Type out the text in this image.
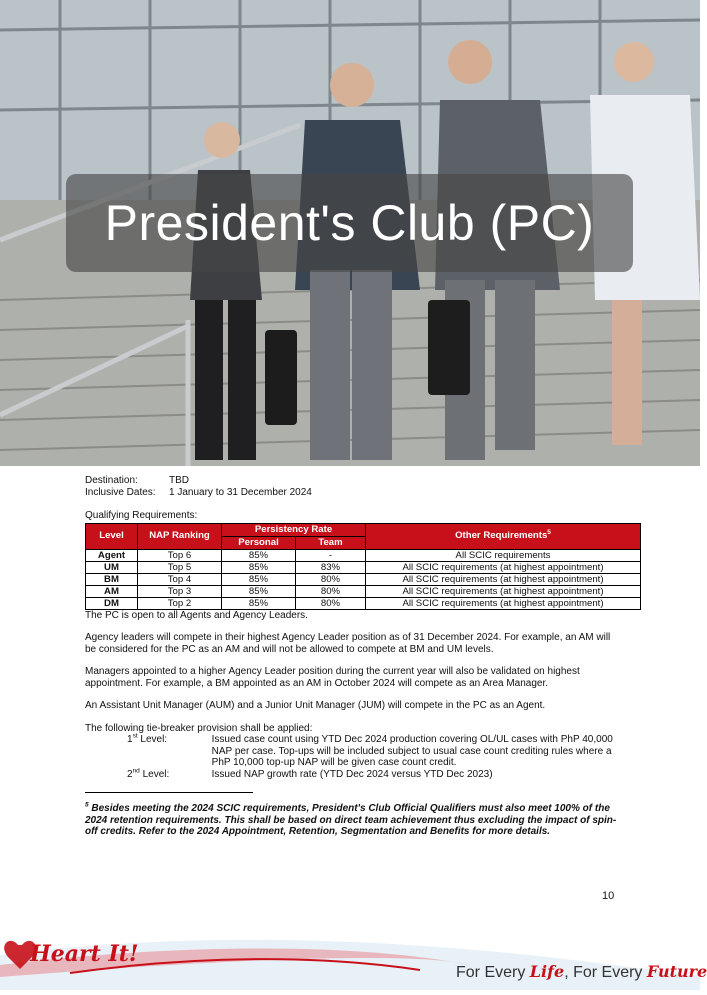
President's Club (PC)
Destination:	TBD
Inclusive Dates:	1 January to 31 December 2024
Qualifying Requirements:
Level	NAP Ranking	Persistency Rate		Other Requirements$^5$
		Personal	Team	
Agent	Top 6	85%	-	All SCIC requirements
UM	Top 5	85%	83%	All SCIC requirements (at highest appointment)
BM	Top 4	85%	80%	All SCIC requirements (at highest appointment)
AM	Top 3	85%	80%	All SCIC requirements (at highest appointment)
DM	Top 2	85%	80%	All SCIC requirements (at highest appointment)
The PC is open to all Agents and Agency Leaders.
Agency leaders will compete in their highest Agency Leader position as of 31 December 2024. For example, an AM will be considered for the PC as an AM and will not be allowed to compete at BM and UM levels.
Managers appointed to a higher Agency Leader position during the current year will also be validated on highest appointment. For example, a BM appointed as an AM in October 2024 will compete as an Area Manager.
An Assistant Unit Manager (AUM) and a Junior Unit Manager (JUM) will compete in the PC as an Agent.
The following tie-breaker provision shall be applied:
1st Level:	Issued case count using YTD Dec 2024 production covering OL/UL cases with PhP 40,000 NAP per case. Top-ups will be included subject to usual case count crediting rules where a PhP 10,000 top-up NAP will be given case count credit.
2nd Level:	Issued NAP growth rate (YTD Dec 2024 versus YTD Dec 2023)
$^5$ Besides meeting the 2024 SCIC requirements, President's Club Official Qualifiers must also meet 100% of the 2024 retention requirements. This shall be based on direct team achievement thus excluding the impact of spin-off credits. Refer to the 2024 Appointment, Retention, Segmentation and Benefits for more details.
10
Heart It!
For Every Life, For Every Future
